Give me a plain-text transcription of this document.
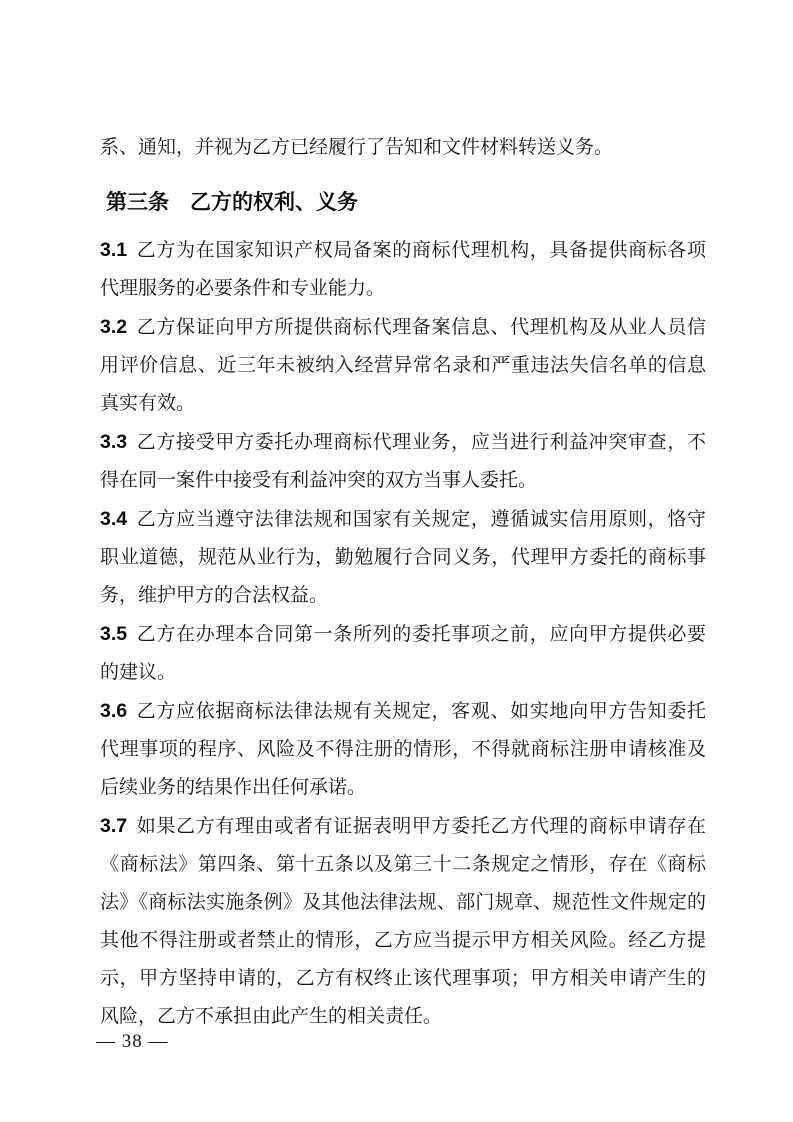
系、通知，并视为乙方已经履行了告知和文件材料转送义务。

第三条　乙方的权利、义务

3.1 乙方为在国家知识产权局备案的商标代理机构，具备提供商标各项代理服务的必要条件和专业能力。

3.2 乙方保证向甲方所提供商标代理备案信息、代理机构及从业人员信用评价信息、近三年未被纳入经营异常名录和严重违法失信名单的信息真实有效。

3.3 乙方接受甲方委托办理商标代理业务，应当进行利益冲突审查，不得在同一案件中接受有利益冲突的双方当事人委托。

3.4 乙方应当遵守法律法规和国家有关规定，遵循诚实信用原则，恪守职业道德，规范从业行为，勤勉履行合同义务，代理甲方委托的商标事务，维护甲方的合法权益。

3.5 乙方在办理本合同第一条所列的委托事项之前，应向甲方提供必要的建议。

3.6 乙方应依据商标法律法规有关规定，客观、如实地向甲方告知委托代理事项的程序、风险及不得注册的情形，不得就商标注册申请核准及后续业务的结果作出任何承诺。

3.7 如果乙方有理由或者有证据表明甲方委托乙方代理的商标申请存在《商标法》第四条、第十五条以及第三十二条规定之情形，存在《商标法》《商标法实施条例》及其他法律法规、部门规章、规范性文件规定的其他不得注册或者禁止的情形，乙方应当提示甲方相关风险。经乙方提示，甲方坚持申请的，乙方有权终止该代理事项；甲方相关申请产生的风险，乙方不承担由此产生的相关责任。

— 38 —
